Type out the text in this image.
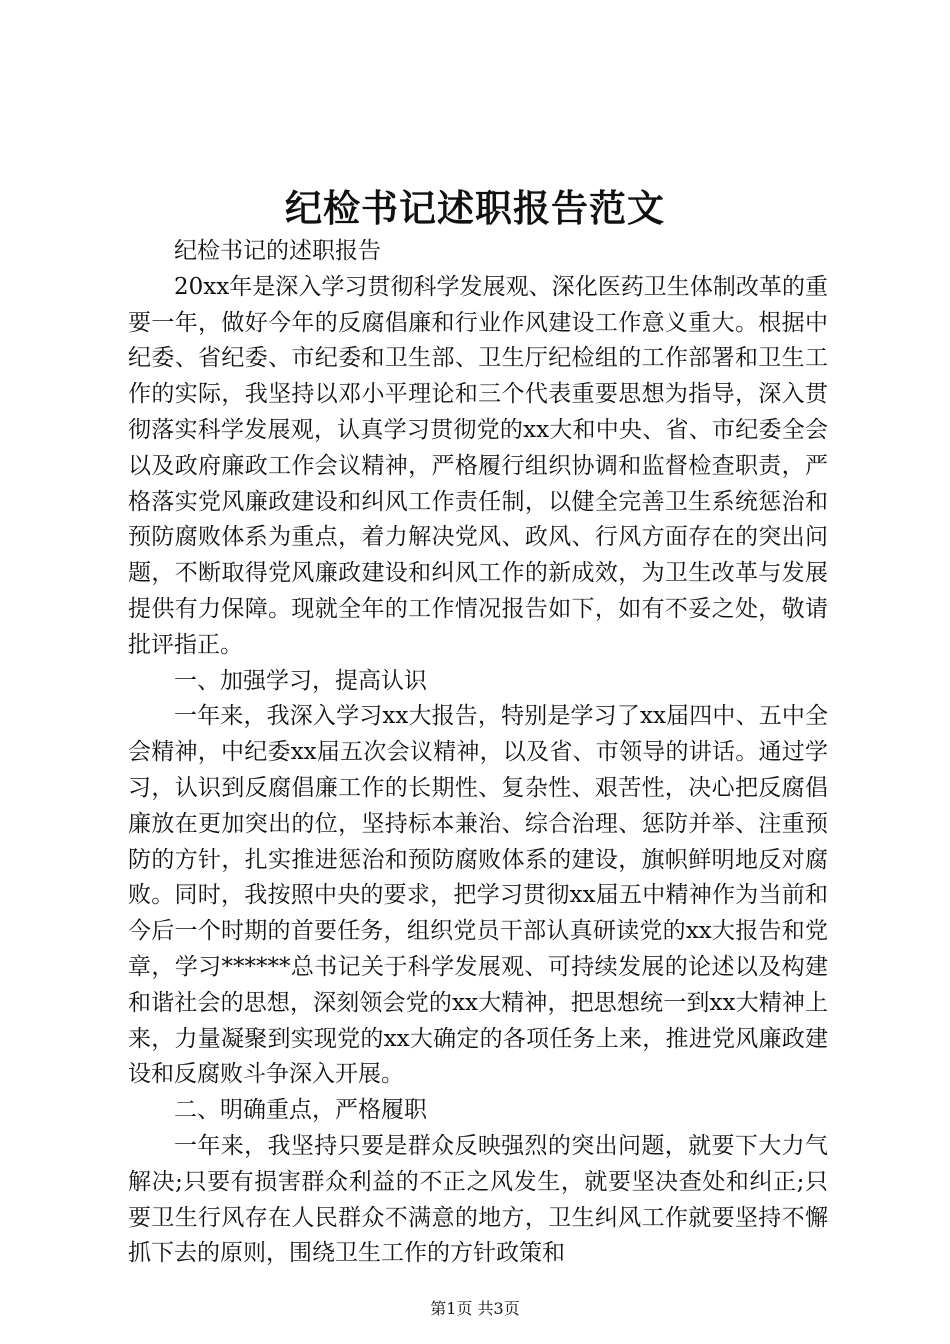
纪检书记述职报告范文

纪检书记的述职报告

20xx年是深入学习贯彻科学发展观、深化医药卫生体制改革的重要一年，做好今年的反腐倡廉和行业作风建设工作意义重大。根据中纪委、省纪委、市纪委和卫生部、卫生厅纪检组的工作部署和卫生工作的实际，我坚持以邓小平理论和三个代表重要思想为指导，深入贯彻落实科学发展观，认真学习贯彻党的xx大和中央、省、市纪委全会以及政府廉政工作会议精神，严格履行组织协调和监督检查职责，严格落实党风廉政建设和纠风工作责任制，以健全完善卫生系统惩治和预防腐败体系为重点，着力解决党风、政风、行风方面存在的突出问题，不断取得党风廉政建设和纠风工作的新成效，为卫生改革与发展提供有力保障。现就全年的工作情况报告如下，如有不妥之处，敬请批评指正。

一、加强学习，提高认识

一年来，我深入学习xx大报告，特别是学习了xx届四中、五中全会精神，中纪委xx届五次会议精神，以及省、市领导的讲话。通过学习，认识到反腐倡廉工作的长期性、复杂性、艰苦性，决心把反腐倡廉放在更加突出的位，坚持标本兼治、综合治理、惩防并举、注重预防的方针，扎实推进惩治和预防腐败体系的建设，旗帜鲜明地反对腐败。同时，我按照中央的要求，把学习贯彻xx届五中精神作为当前和今后一个时期的首要任务，组织党员干部认真研读党的xx大报告和党章，学习******总书记关于科学发展观、可持续发展的论述以及构建和谐社会的思想，深刻领会党的xx大精神，把思想统一到xx大精神上来，力量凝聚到实现党的xx大确定的各项任务上来，推进党风廉政建设和反腐败斗争深入开展。

二、明确重点，严格履职

一年来，我坚持只要是群众反映强烈的突出问题，就要下大力气解决;只要有损害群众利益的不正之风发生，就要坚决查处和纠正;只要卫生行风存在人民群众不满意的地方，卫生纠风工作就要坚持不懈抓下去的原则，围绕卫生工作的方针政策和

第1页 共3页
